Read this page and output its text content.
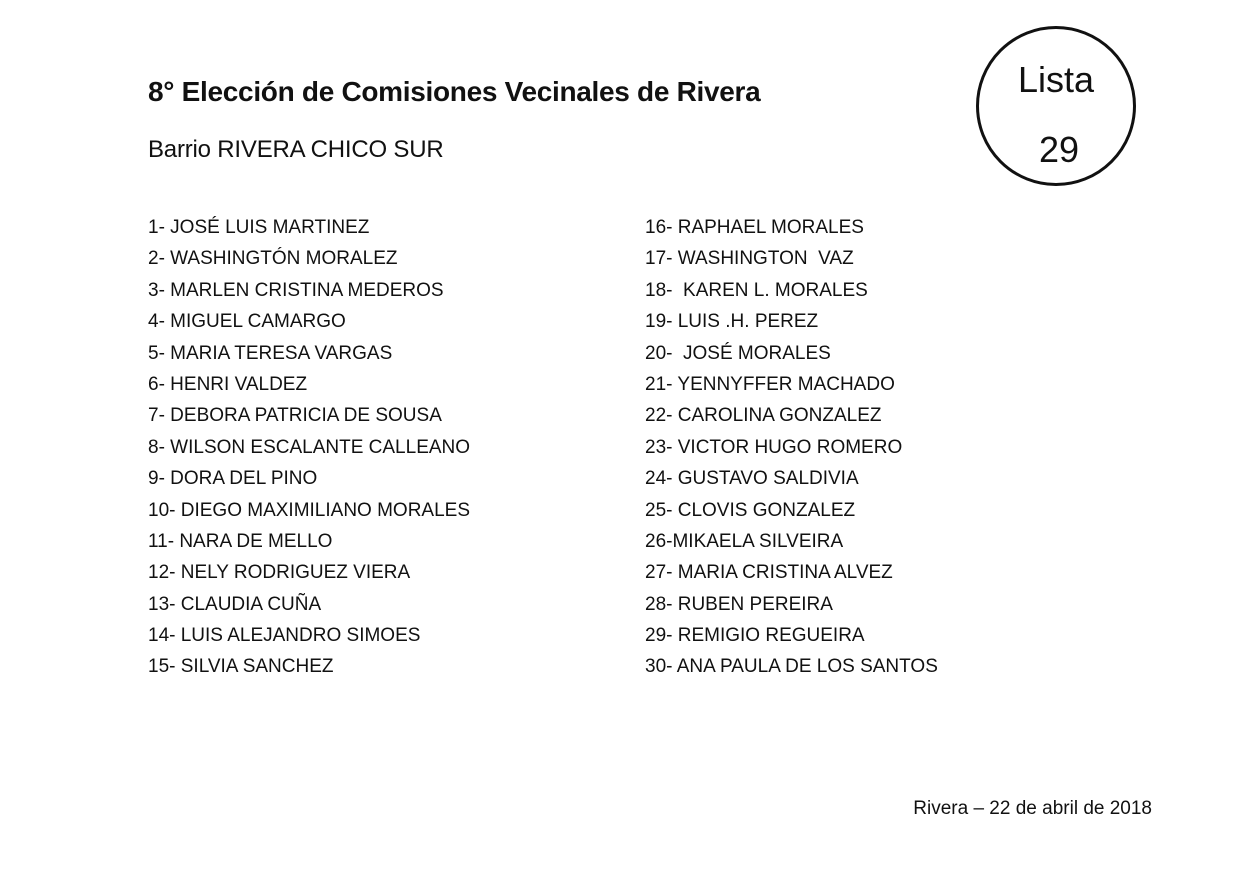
8° Elección de Comisiones Vecinales de Rivera
Barrio RIVERA CHICO SUR
Lista
29
1- JOSÉ LUIS MARTINEZ
2- WASHINGTÓN MORALEZ
3- MARLEN CRISTINA MEDEROS
4- MIGUEL CAMARGO
5- MARIA TERESA VARGAS
6- HENRI VALDEZ
7- DEBORA PATRICIA DE SOUSA
8- WILSON ESCALANTE CALLEANO
9- DORA DEL PINO
10- DIEGO MAXIMILIANO MORALES
11- NARA DE MELLO
12- NELY RODRIGUEZ VIERA
13- CLAUDIA CUÑA
14- LUIS ALEJANDRO SIMOES
15- SILVIA SANCHEZ
16- RAPHAEL MORALES
17- WASHINGTON  VAZ
18-  KAREN L. MORALES
19- LUIS .H. PEREZ
20-  JOSÉ MORALES
21- YENNYFFER MACHADO
22- CAROLINA GONZALEZ
23- VICTOR HUGO ROMERO
24- GUSTAVO SALDIVIA
25- CLOVIS GONZALEZ
26-MIKAELA SILVEIRA
27- MARIA CRISTINA ALVEZ
28- RUBEN PEREIRA
29- REMIGIO REGUEIRA
30- ANA PAULA DE LOS SANTOS
Rivera – 22 de abril de 2018
